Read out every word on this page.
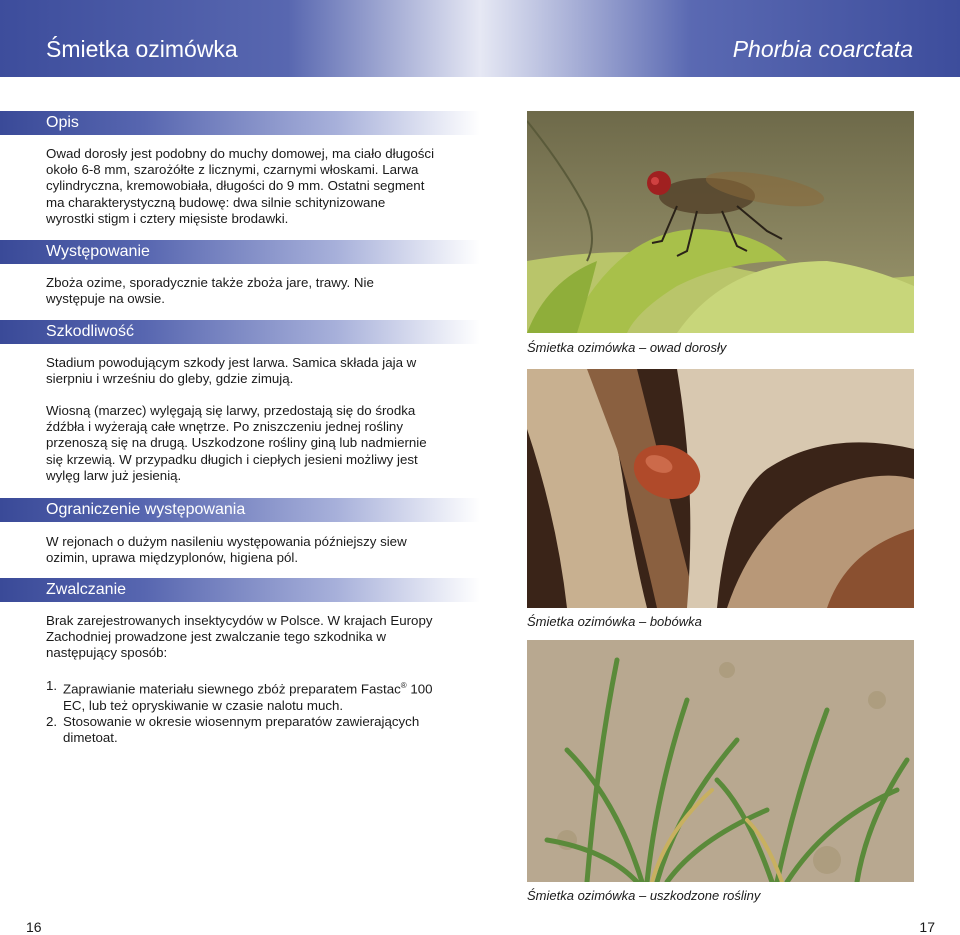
Śmietka ozimówka	Phorbia coarctata
Opis

Owad dorosły jest podobny do muchy domowej, ma ciało długości około 6-8 mm, szarożółte z licznymi, czarnymi włoskami. Larwa cylindryczna, kremowobiała, długości do 9 mm. Ostatni segment ma charakterystyczną budowę: dwa silnie schitynizowane wyrostki stigm i cztery mięsiste brodawki.

Występowanie

Zboża ozime, sporadycznie także zboża jare, trawy. Nie występuje na owsie.

Szkodliwość

Stadium powodującym szkody jest larwa. Samica składa jaja w sierpniu i wrześniu do gleby, gdzie zimują.

Wiosną (marzec) wylęgają się larwy, przedostają się do środka źdźbła i wyżerają całe wnętrze. Po zniszczeniu jednej rośliny przenoszą się na drugą. Uszkodzone rośliny giną lub nadmiernie się krzewią. W przypadku długich i ciepłych jesieni możliwy jest wylęg larw już jesienią.

Ograniczenie występowania

W rejonach o dużym nasileniu występowania późniejszy siew ozimin, uprawa międzyplonów, higiena pól.

Zwalczanie

Brak zarejestrowanych insektycydów w Polsce. W krajach Europy Zachodniej prowadzone jest zwalczanie tego szkodnika w następujący sposób:

1. Zaprawianie materiału siewnego zbóż preparatem Fastac® 100 EC, lub też opryskiwanie w czasie nalotu much.
2. Stosowanie w okresie wiosennym preparatów zawierających dimetoat.
Śmietka ozimówka – owad dorosły
Śmietka ozimówka – bobówka
Śmietka ozimówka – uszkodzone rośliny
16	17
